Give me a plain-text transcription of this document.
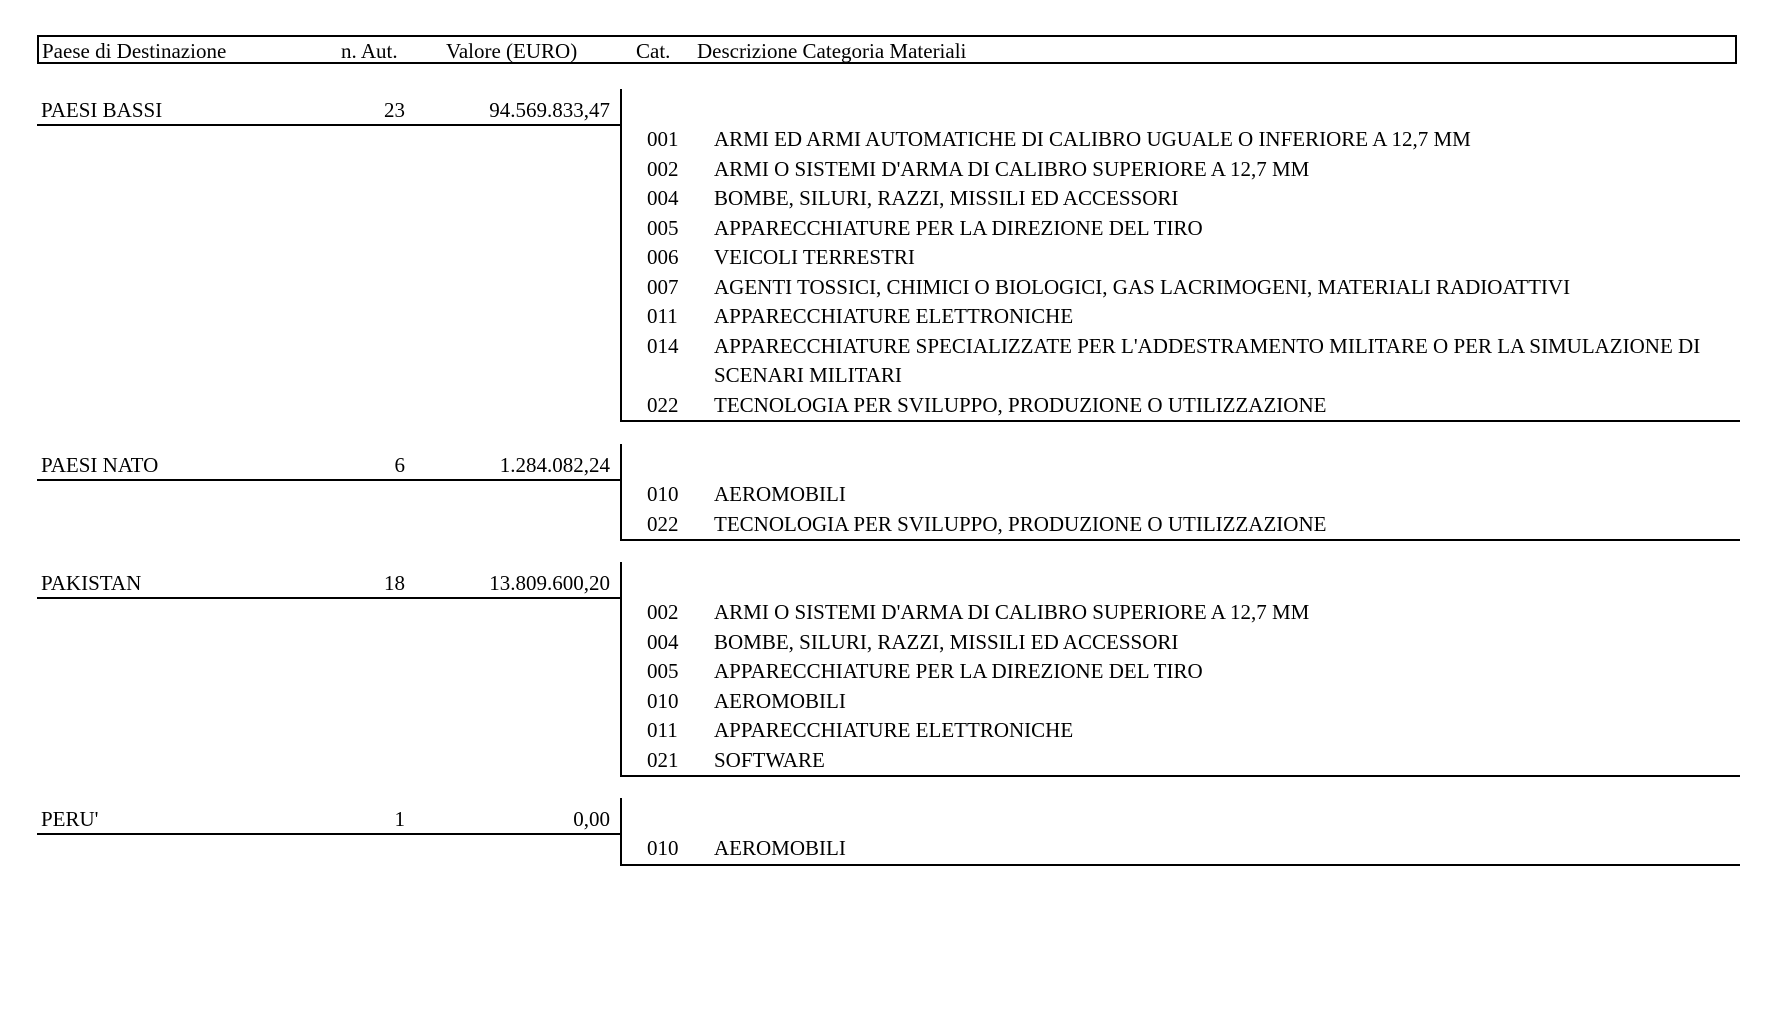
Paese di Destinazione	n. Aut. Valore (EURO)	Cat. Descrizione Categoria Materiali
PAESI BASSI	23	94.569.833,47
001 ARMI ED ARMI AUTOMATICHE DI CALIBRO UGUALE O INFERIORE A 12,7 MM
002 ARMI O SISTEMI D'ARMA DI CALIBRO SUPERIORE A 12,7 MM
004 BOMBE, SILURI, RAZZI, MISSILI ED ACCESSORI
005 APPARECCHIATURE PER LA DIREZIONE DEL TIRO
006 VEICOLI TERRESTRI
007 AGENTI TOSSICI, CHIMICI O BIOLOGICI, GAS LACRIMOGENI, MATERIALI RADIOATTIVI
011 APPARECCHIATURE ELETTRONICHE
014 APPARECCHIATURE SPECIALIZZATE PER L'ADDESTRAMENTO MILITARE O PER LA SIMULAZIONE DI SCENARI MILITARI
022 TECNOLOGIA PER SVILUPPO, PRODUZIONE O UTILIZZAZIONE
PAESI NATO	6	1.284.082,24
010 AEROMOBILI
022 TECNOLOGIA PER SVILUPPO, PRODUZIONE O UTILIZZAZIONE
PAKISTAN	18	13.809.600,20
002 ARMI O SISTEMI D'ARMA DI CALIBRO SUPERIORE A 12,7 MM
004 BOMBE, SILURI, RAZZI, MISSILI ED ACCESSORI
005 APPARECCHIATURE PER LA DIREZIONE DEL TIRO
010 AEROMOBILI
011 APPARECCHIATURE ELETTRONICHE
021 SOFTWARE
PERU'	1	0,00
010 AEROMOBILI
